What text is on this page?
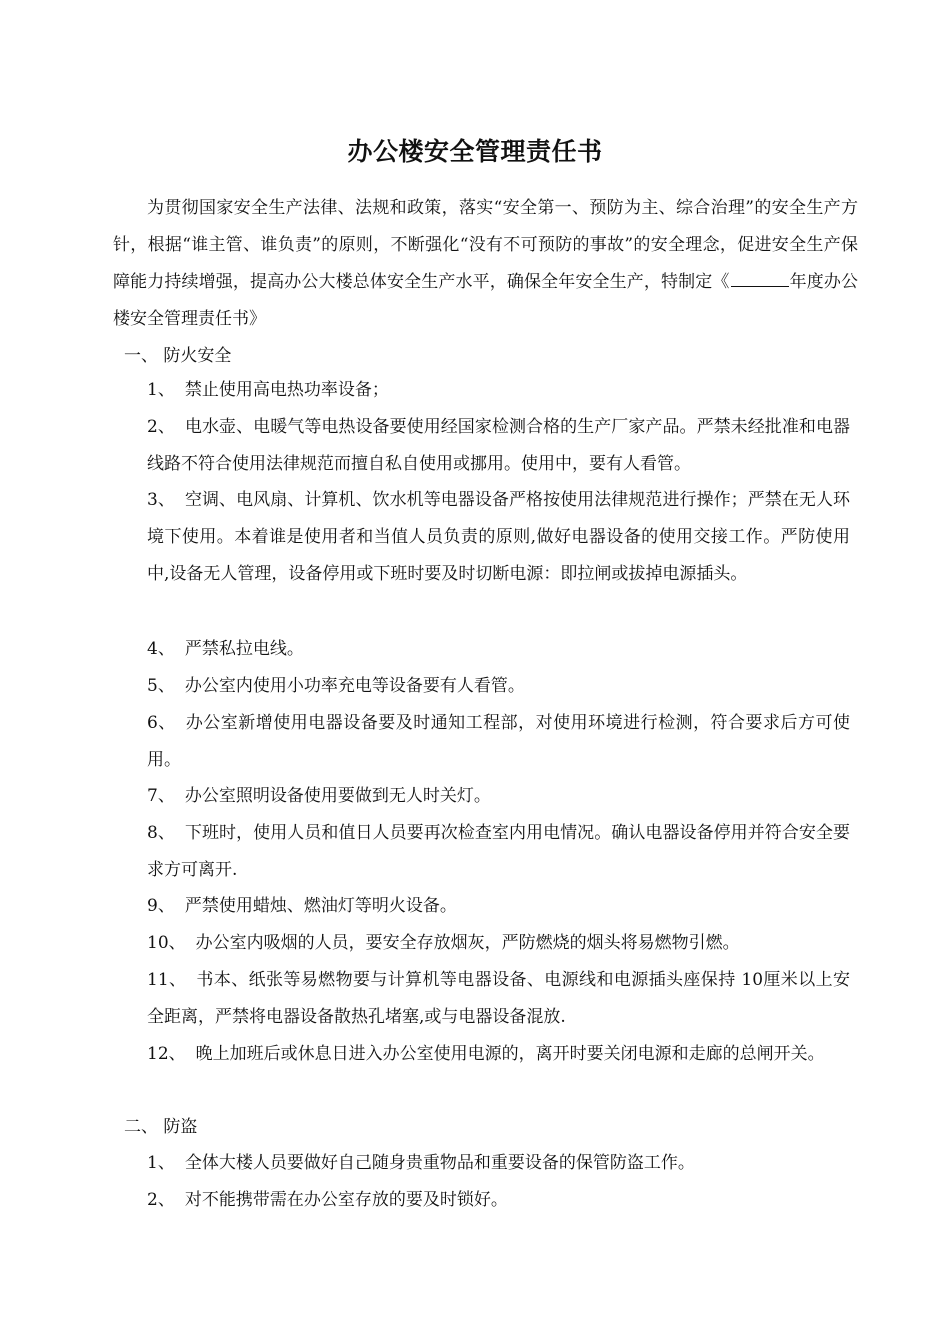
办公楼安全管理责任书
为贯彻国家安全生产法律、法规和政策，落实“安全第一、预防为主、综合治理”的安全生产方针，根据“谁主管、谁负责”的原则，不断强化“没有不可预防的事故”的安全理念，促进安全生产保障能力持续增强，提高办公大楼总体安全生产水平，确保全年安全生产，特制定《	年度办公楼安全管理责任书》
一、 防火安全
1、 禁止使用高电热功率设备；
2、 电水壶、电暖气等电热设备要使用经国家检测合格的生产厂家产品。严禁未经批准和电器线路不符合使用法律规范而擅自私自使用或挪用。使用中，要有人看管。
3、 空调、电风扇、计算机、饮水机等电器设备严格按使用法律规范进行操作；严禁在无人环境下使用。本着谁是使用者和当值人员负责的原则,做好电器设备的使用交接工作。严防使用中,设备无人管理，设备停用或下班时要及时切断电源：即拉闸或拔掉电源插头。
4、 严禁私拉电线。
5、 办公室内使用小功率充电等设备要有人看管。
6、 办公室新增使用电器设备要及时通知工程部，对使用环境进行检测，符合要求后方可使用。
7、 办公室照明设备使用要做到无人时关灯。
8、 下班时，使用人员和值日人员要再次检查室内用电情况。确认电器设备停用并符合安全要求方可离开.
9、 严禁使用蜡烛、燃油灯等明火设备。
10、 办公室内吸烟的人员，要安全存放烟灰，严防燃烧的烟头将易燃物引燃。
11、 书本、纸张等易燃物要与计算机等电器设备、电源线和电源插头座保持 10厘米以上安全距离，严禁将电器设备散热孔堵塞,或与电器设备混放.
12、 晚上加班后或休息日进入办公室使用电源的，离开时要关闭电源和走廊的总闸开关。
二、 防盗
1、 全体大楼人员要做好自己随身贵重物品和重要设备的保管防盗工作。
2、 对不能携带需在办公室存放的要及时锁好。
